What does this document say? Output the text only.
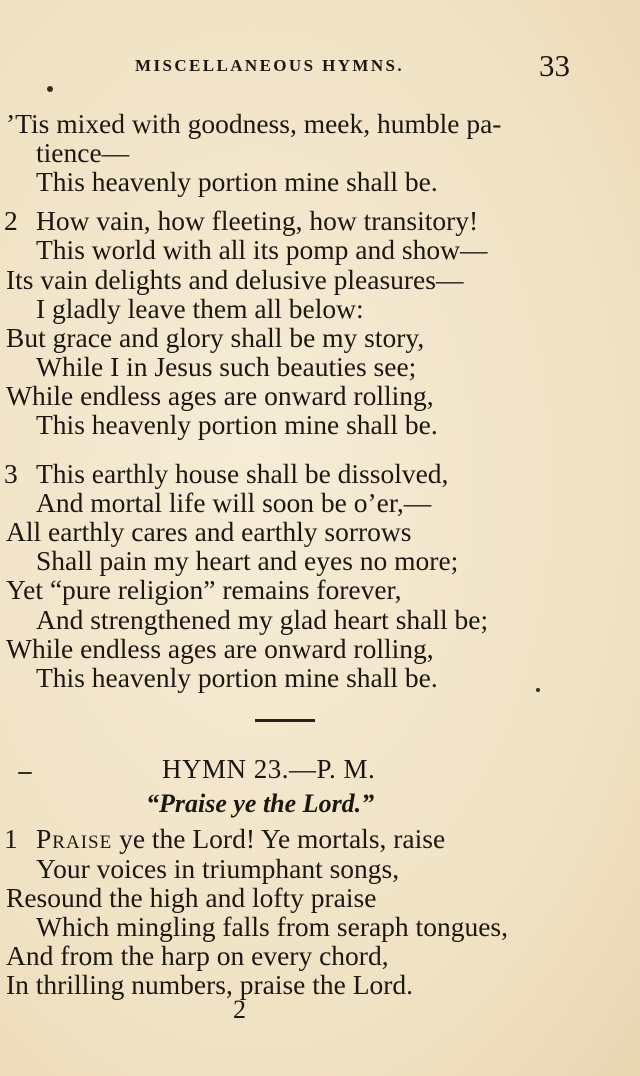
MISCELLANEOUS HYMNS.	33
’Tis mixed with goodness, meek, humble pa-
tience—
This heavenly portion mine shall be.
2 How vain, how fleeting, how transitory!
This world with all its pomp and show—
Its vain delights and delusive pleasures—
I gladly leave them all below:
But grace and glory shall be my story,
While I in Jesus such beauties see;
While endless ages are onward rolling,
This heavenly portion mine shall be.
3 This earthly house shall be dissolved,
And mortal life will soon be o’er,—
All earthly cares and earthly sorrows
Shall pain my heart and eyes no more;
Yet “pure religion” remains forever,
And strengthened my glad heart shall be;
While endless ages are onward rolling,
This heavenly portion mine shall be.
HYMN 23.—P. M.
“Praise ye the Lord.”
1 Praise ye the Lord! Ye mortals, raise
Your voices in triumphant songs,
Resound the high and lofty praise
Which mingling falls from seraph tongues,
And from the harp on every chord,
In thrilling numbers, praise the Lord.
2
